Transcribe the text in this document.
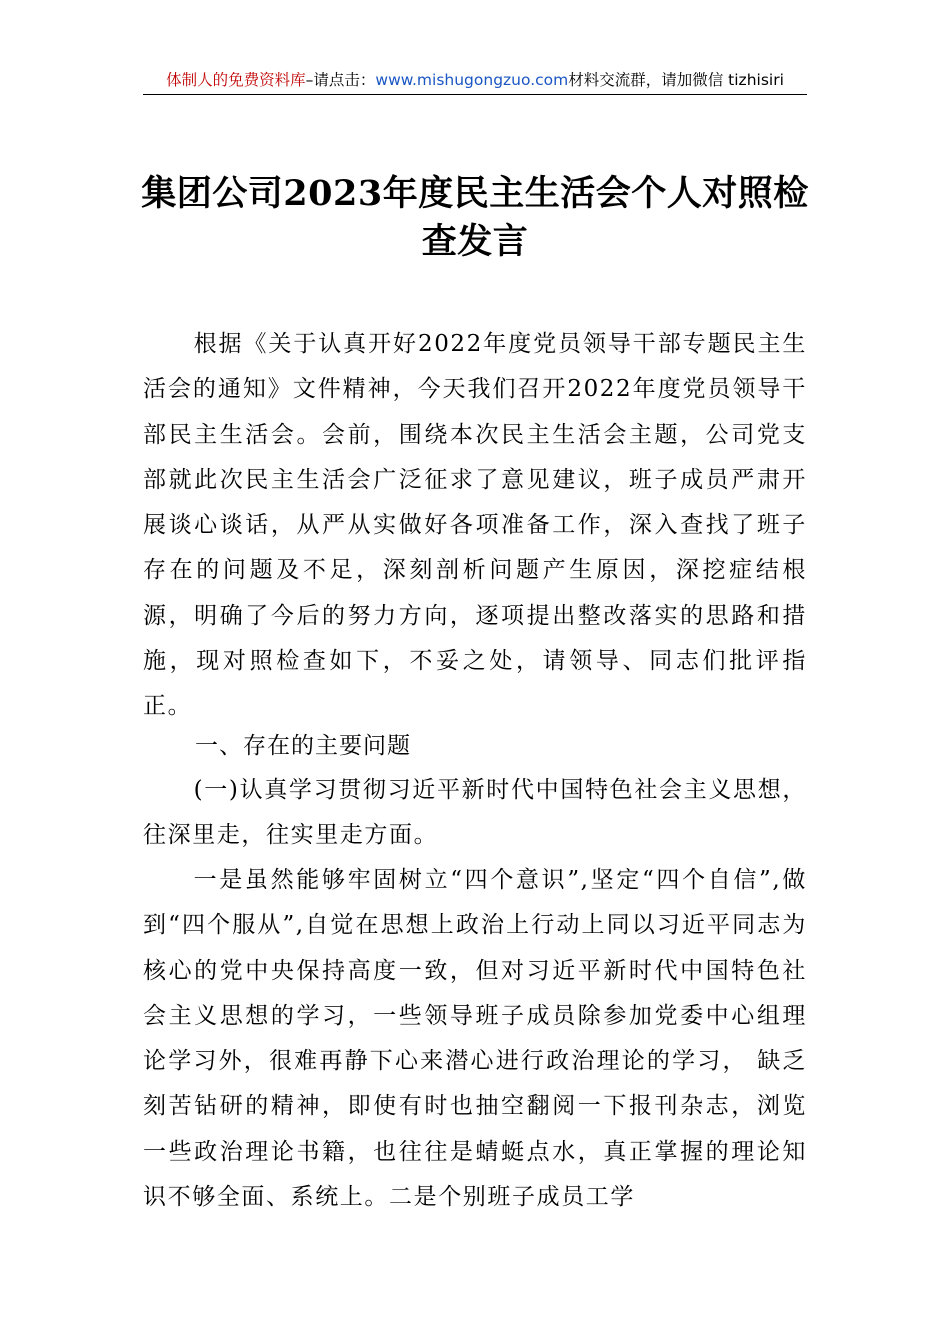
体制人的免费资料库–请点击：www.mishugongzuo.com材料交流群，请加微信 tizhisiri
集团公司2023年度民主生活会个人对照检
查发言

根据《关于认真开好2022年度党员领导干部专题民主生活会的通知》文件精神，今天我们召开2022年度党员领导干部民主生活会。会前，围绕本次民主生活会主题，公司党支部就此次民主生活会广泛征求了意见建议，班子成员严肃开展谈心谈话，从严从实做好各项准备工作，深入查找了班子存在的问题及不足，深刻剖析问题产生原因，深挖症结根源，明确了今后的努力方向，逐项提出整改落实的思路和措施，现对照检查如下，不妥之处，请领导、同志们批评指正。

一、存在的主要问题

(一)认真学习贯彻习近平新时代中国特色社会主义思想，往深里走，往实里走方面。

一是虽然能够牢固树立“四个意识”,坚定“四个自信”,做到“四个服从”,自觉在思想上政治上行动上同以习近平同志为核心的党中央保持高度一致，但对习近平新时代中国特色社会主义思想的学习，一些领导班子成员除参加党委中心组理论学习外，很难再静下心来潜心进行政治理论的学习， 缺乏刻苦钻研的精神，即使有时也抽空翻阅一下报刊杂志，浏览一些政治理论书籍，也往往是蜻蜓点水，真正掌握的理论知识不够全面、系统上。二是个别班子成员工学
